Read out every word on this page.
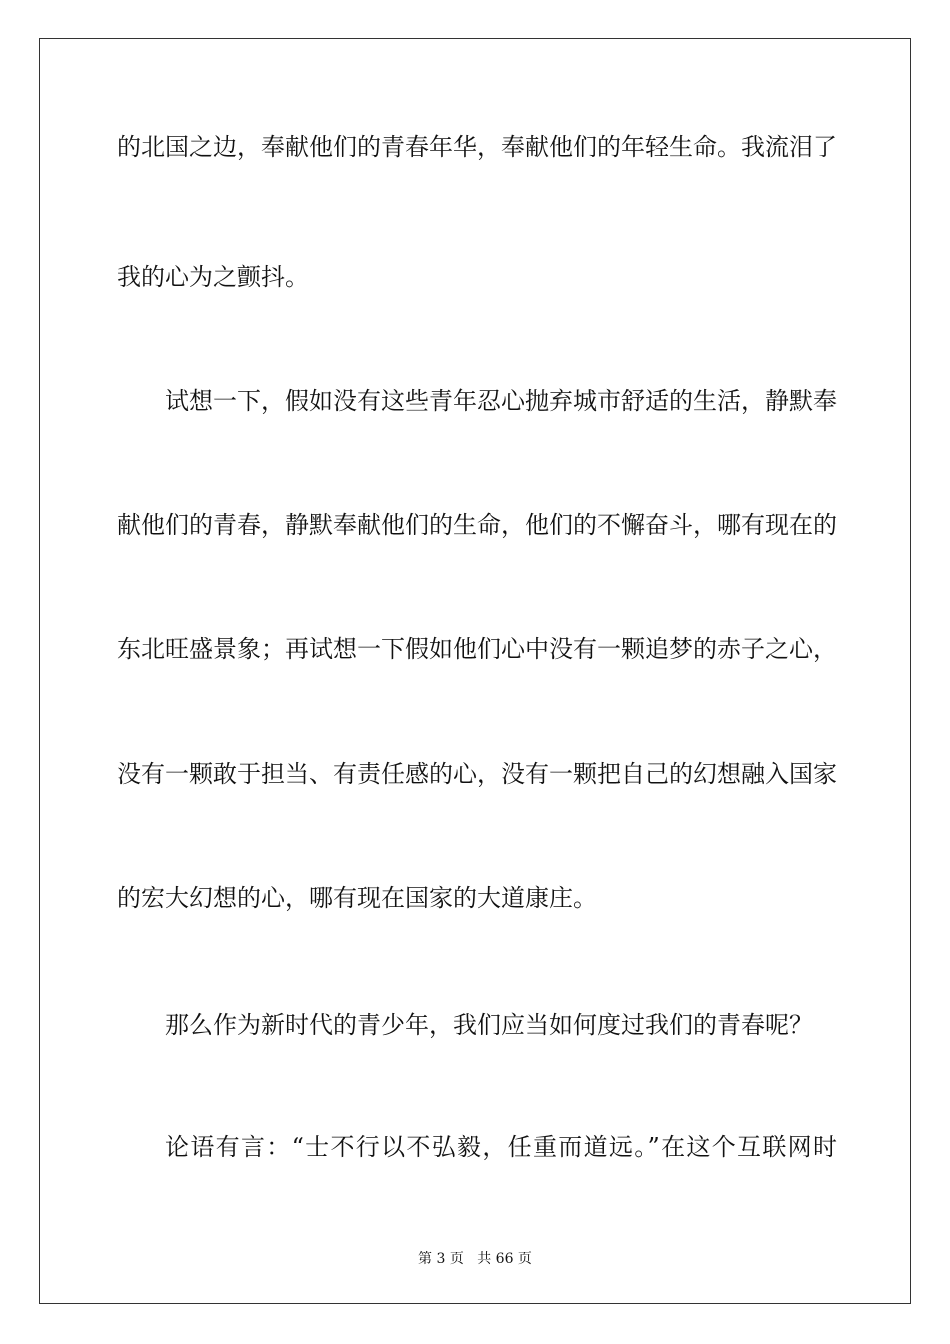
的北国之边，奉献他们的青春年华，奉献他们的年轻生命。我流泪了
我的心为之颤抖。
试想一下，假如没有这些青年忍心抛弃城市舒适的生活，静默奉
献他们的青春，静默奉献他们的生命，他们的不懈奋斗，哪有现在的
东北旺盛景象；再试想一下假如他们心中没有一颗追梦的赤子之心，
没有一颗敢于担当、有责任感的心，没有一颗把自己的幻想融入国家
的宏大幻想的心，哪有现在国家的大道康庄。
那么作为新时代的青少年，我们应当如何度过我们的青春呢？
论语有言：“士不行以不弘毅，任重而道远。”在这个互联网时
第 3 页 共 66 页
